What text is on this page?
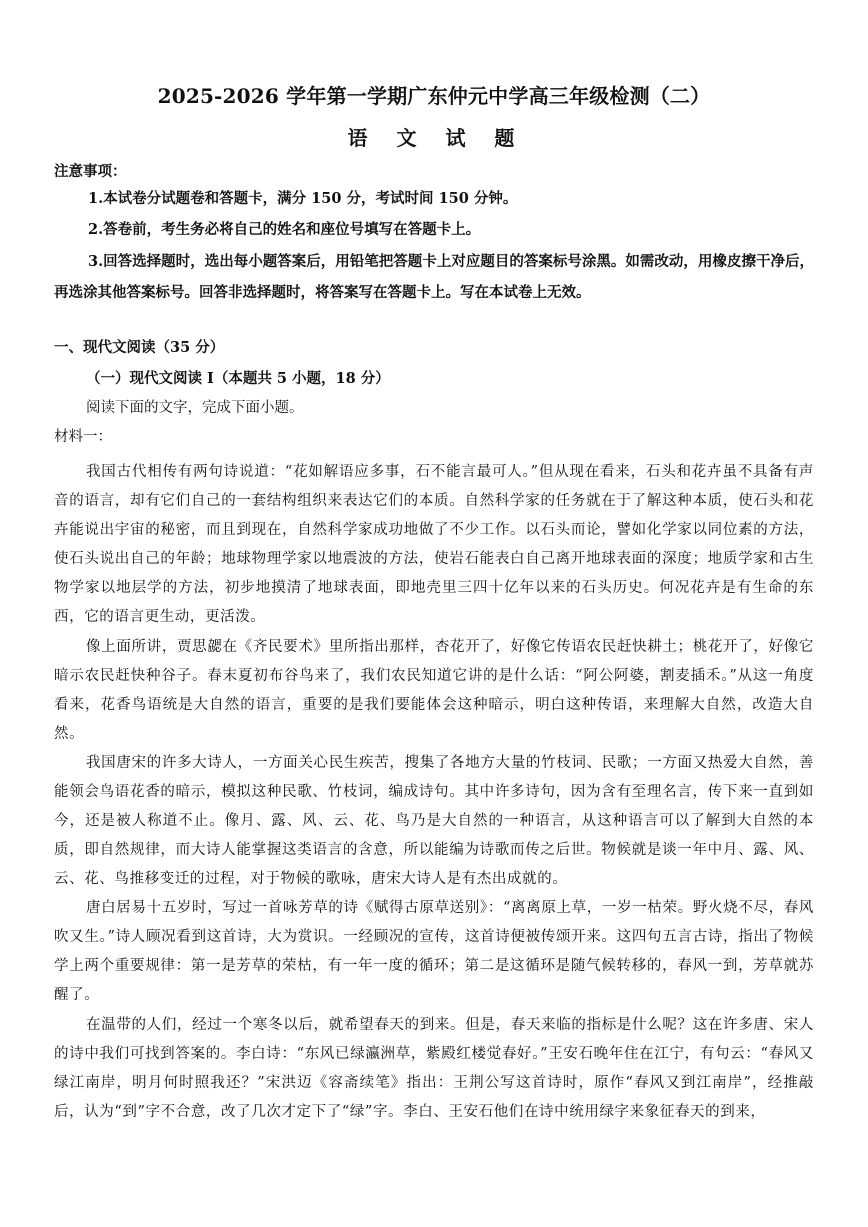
2025-2026 学年第一学期广东仲元中学高三年级检测（二）
语 文 试 题
注意事项：
1.本试卷分试题卷和答题卡，满分 150 分，考试时间 150 分钟。
2.答卷前，考生务必将自己的姓名和座位号填写在答题卡上。
3.回答选择题时，选出每小题答案后，用铅笔把答题卡上对应题目的答案标号涂黑。如需改动，用橡皮擦干净后，再选涂其他答案标号。回答非选择题时，将答案写在答题卡上。写在本试卷上无效。
一、现代文阅读（35 分）
（一）现代文阅读 I（本题共 5 小题，18 分）
阅读下面的文字，完成下面小题。
材料一：
我国古代相传有两句诗说道：“花如解语应多事，石不能言最可人。”但从现在看来，石头和花卉虽不具备有声音的语言，却有它们自己的一套结构组织来表达它们的本质。自然科学家的任务就在于了解这种本质，使石头和花卉能说出宇宙的秘密，而且到现在，自然科学家成功地做了不少工作。以石头而论，譬如化学家以同位素的方法，使石头说出自己的年龄；地球物理学家以地震波的方法，使岩石能表白自己离开地球表面的深度；地质学家和古生物学家以地层学的方法，初步地摸清了地球表面，即地壳里三四十亿年以来的石头历史。何况花卉是有生命的东西，它的语言更生动，更活泼。
像上面所讲，贾思勰在《齐民要术》里所指出那样，杏花开了，好像它传语农民赶快耕土；桃花开了，好像它暗示农民赶快种谷子。春末夏初布谷鸟来了，我们农民知道它讲的是什么话：“阿公阿婆，割麦插禾。”从这一角度看来，花香鸟语统是大自然的语言，重要的是我们要能体会这种暗示，明白这种传语，来理解大自然，改造大自然。
我国唐宋的许多大诗人，一方面关心民生疾苦，搜集了各地方大量的竹枝词、民歌；一方面又热爱大自然，善能领会鸟语花香的暗示，模拟这种民歌、竹枝词，编成诗句。其中许多诗句，因为含有至理名言，传下来一直到如今，还是被人称道不止。像月、露、风、云、花、鸟乃是大自然的一种语言，从这种语言可以了解到大自然的本质，即自然规律，而大诗人能掌握这类语言的含意，所以能编为诗歌而传之后世。物候就是谈一年中月、露、风、云、花、鸟推移变迁的过程，对于物候的歌咏，唐宋大诗人是有杰出成就的。
唐白居易十五岁时，写过一首咏芳草的诗《赋得古原草送别》：“离离原上草，一岁一枯荣。野火烧不尽，春风吹又生。”诗人顾况看到这首诗，大为赏识。一经顾况的宣传，这首诗便被传颂开来。这四句五言古诗，指出了物候学上两个重要规律：第一是芳草的荣枯，有一年一度的循环；第二是这循环是随气候转移的，春风一到，芳草就苏醒了。
在温带的人们，经过一个寒冬以后，就希望春天的到来。但是，春天来临的指标是什么呢？这在许多唐、宋人的诗中我们可找到答案的。李白诗：“东风已绿瀛洲草，紫殿红楼觉春好。”王安石晚年住在江宁，有句云：“春风又绿江南岸，明月何时照我还？”宋洪迈《容斋续笔》指出：王荆公写这首诗时，原作“春风又到江南岸”，经推敲后，认为“到”字不合意，改了几次才定下了“绿”字。李白、王安石他们在诗中统用绿字来象征春天的到来，
